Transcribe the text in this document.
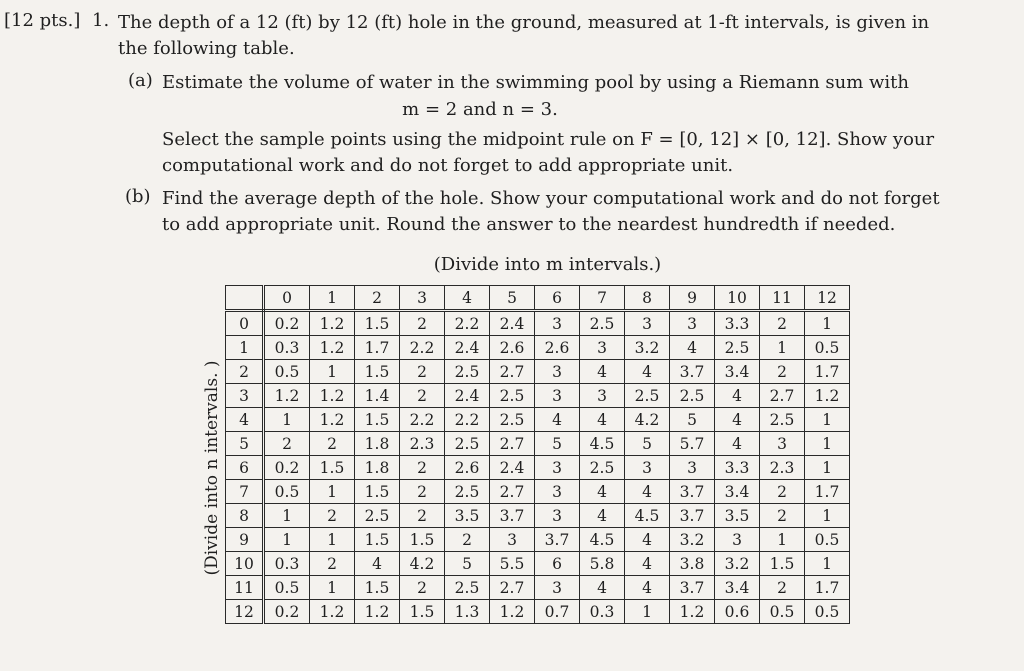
[12 pts.] 1. The depth of a 12 (ft) by 12 (ft) hole in the ground, measured at 1-ft intervals, is given in the following table.
(a) Estimate the volume of water in the swimming pool by using a Riemann sum with
m = 2 and n = 3.
Select the sample points using the midpoint rule on F = [0, 12] × [0, 12]. Show your computational work and do not forget to add appropriate unit.
(b) Find the average depth of the hole. Show your computational work and do not forget to add appropriate unit. Round the answer to the neardest hundredth if needed.
(Divide into m intervals.)
(Divide into n intervals. )
	0	1	2	3	4	5	6	7	8	9	10	11	12
0	0.2	1.2	1.5	2	2.2	2.4	3	2.5	3	3	3.3	2	1
1	0.3	1.2	1.7	2.2	2.4	2.6	2.6	3	3.2	4	2.5	1	0.5
2	0.5	1	1.5	2	2.5	2.7	3	4	4	3.7	3.4	2	1.7
3	1.2	1.2	1.4	2	2.4	2.5	3	3	2.5	2.5	4	2.7	1.2
4	1	1.2	1.5	2.2	2.2	2.5	4	4	4.2	5	4	2.5	1
5	2	2	1.8	2.3	2.5	2.7	5	4.5	5	5.7	4	3	1
6	0.2	1.5	1.8	2	2.6	2.4	3	2.5	3	3	3.3	2.3	1
7	0.5	1	1.5	2	2.5	2.7	3	4	4	3.7	3.4	2	1.7
8	1	2	2.5	2	3.5	3.7	3	4	4.5	3.7	3.5	2	1
9	1	1	1.5	1.5	2	3	3.7	4.5	4	3.2	3	1	0.5
10	0.3	2	4	4.2	5	5.5	6	5.8	4	3.8	3.2	1.5	1
11	0.5	1	1.5	2	2.5	2.7	3	4	4	3.7	3.4	2	1.7
12	0.2	1.2	1.2	1.5	1.3	1.2	0.7	0.3	1	1.2	0.6	0.5	0.5
